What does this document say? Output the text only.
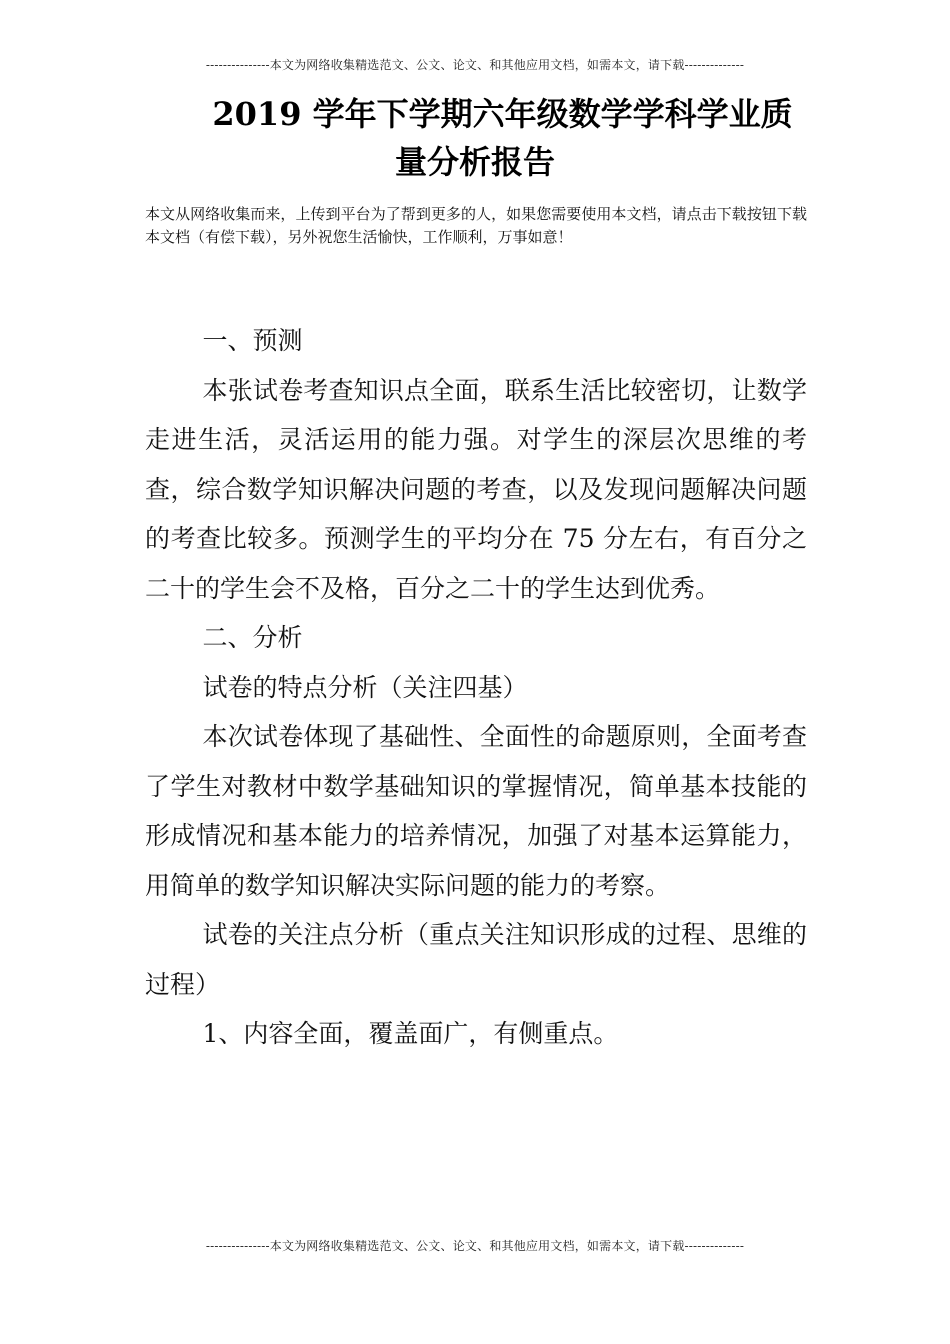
---------------本文为网络收集精选范文、公文、论文、和其他应用文档，如需本文，请下载--------------
2019 学年下学期六年级数学学科学业质
量分析报告
本文从网络收集而来，上传到平台为了帮到更多的人，如果您需要使用本文档，请点击下载按钮下载本文档（有偿下载），另外祝您生活愉快，工作顺利，万事如意！

一、预测

本张试卷考查知识点全面，联系生活比较密切，让数学走进生活，灵活运用的能力强。对学生的深层次思维的考查，综合数学知识解决问题的考查，以及发现问题解决问题的考查比较多。预测学生的平均分在 75 分左右，有百分之二十的学生会不及格，百分之二十的学生达到优秀。

二、分析

试卷的特点分析（关注四基）

本次试卷体现了基础性、全面性的命题原则，全面考查了学生对教材中数学基础知识的掌握情况，简单基本技能的形成情况和基本能力的培养情况，加强了对基本运算能力，用简单的数学知识解决实际问题的能力的考察。

试卷的关注点分析（重点关注知识形成的过程、思维的过程）

1、内容全面，覆盖面广，有侧重点。

---------------本文为网络收集精选范文、公文、论文、和其他应用文档，如需本文，请下载--------------
